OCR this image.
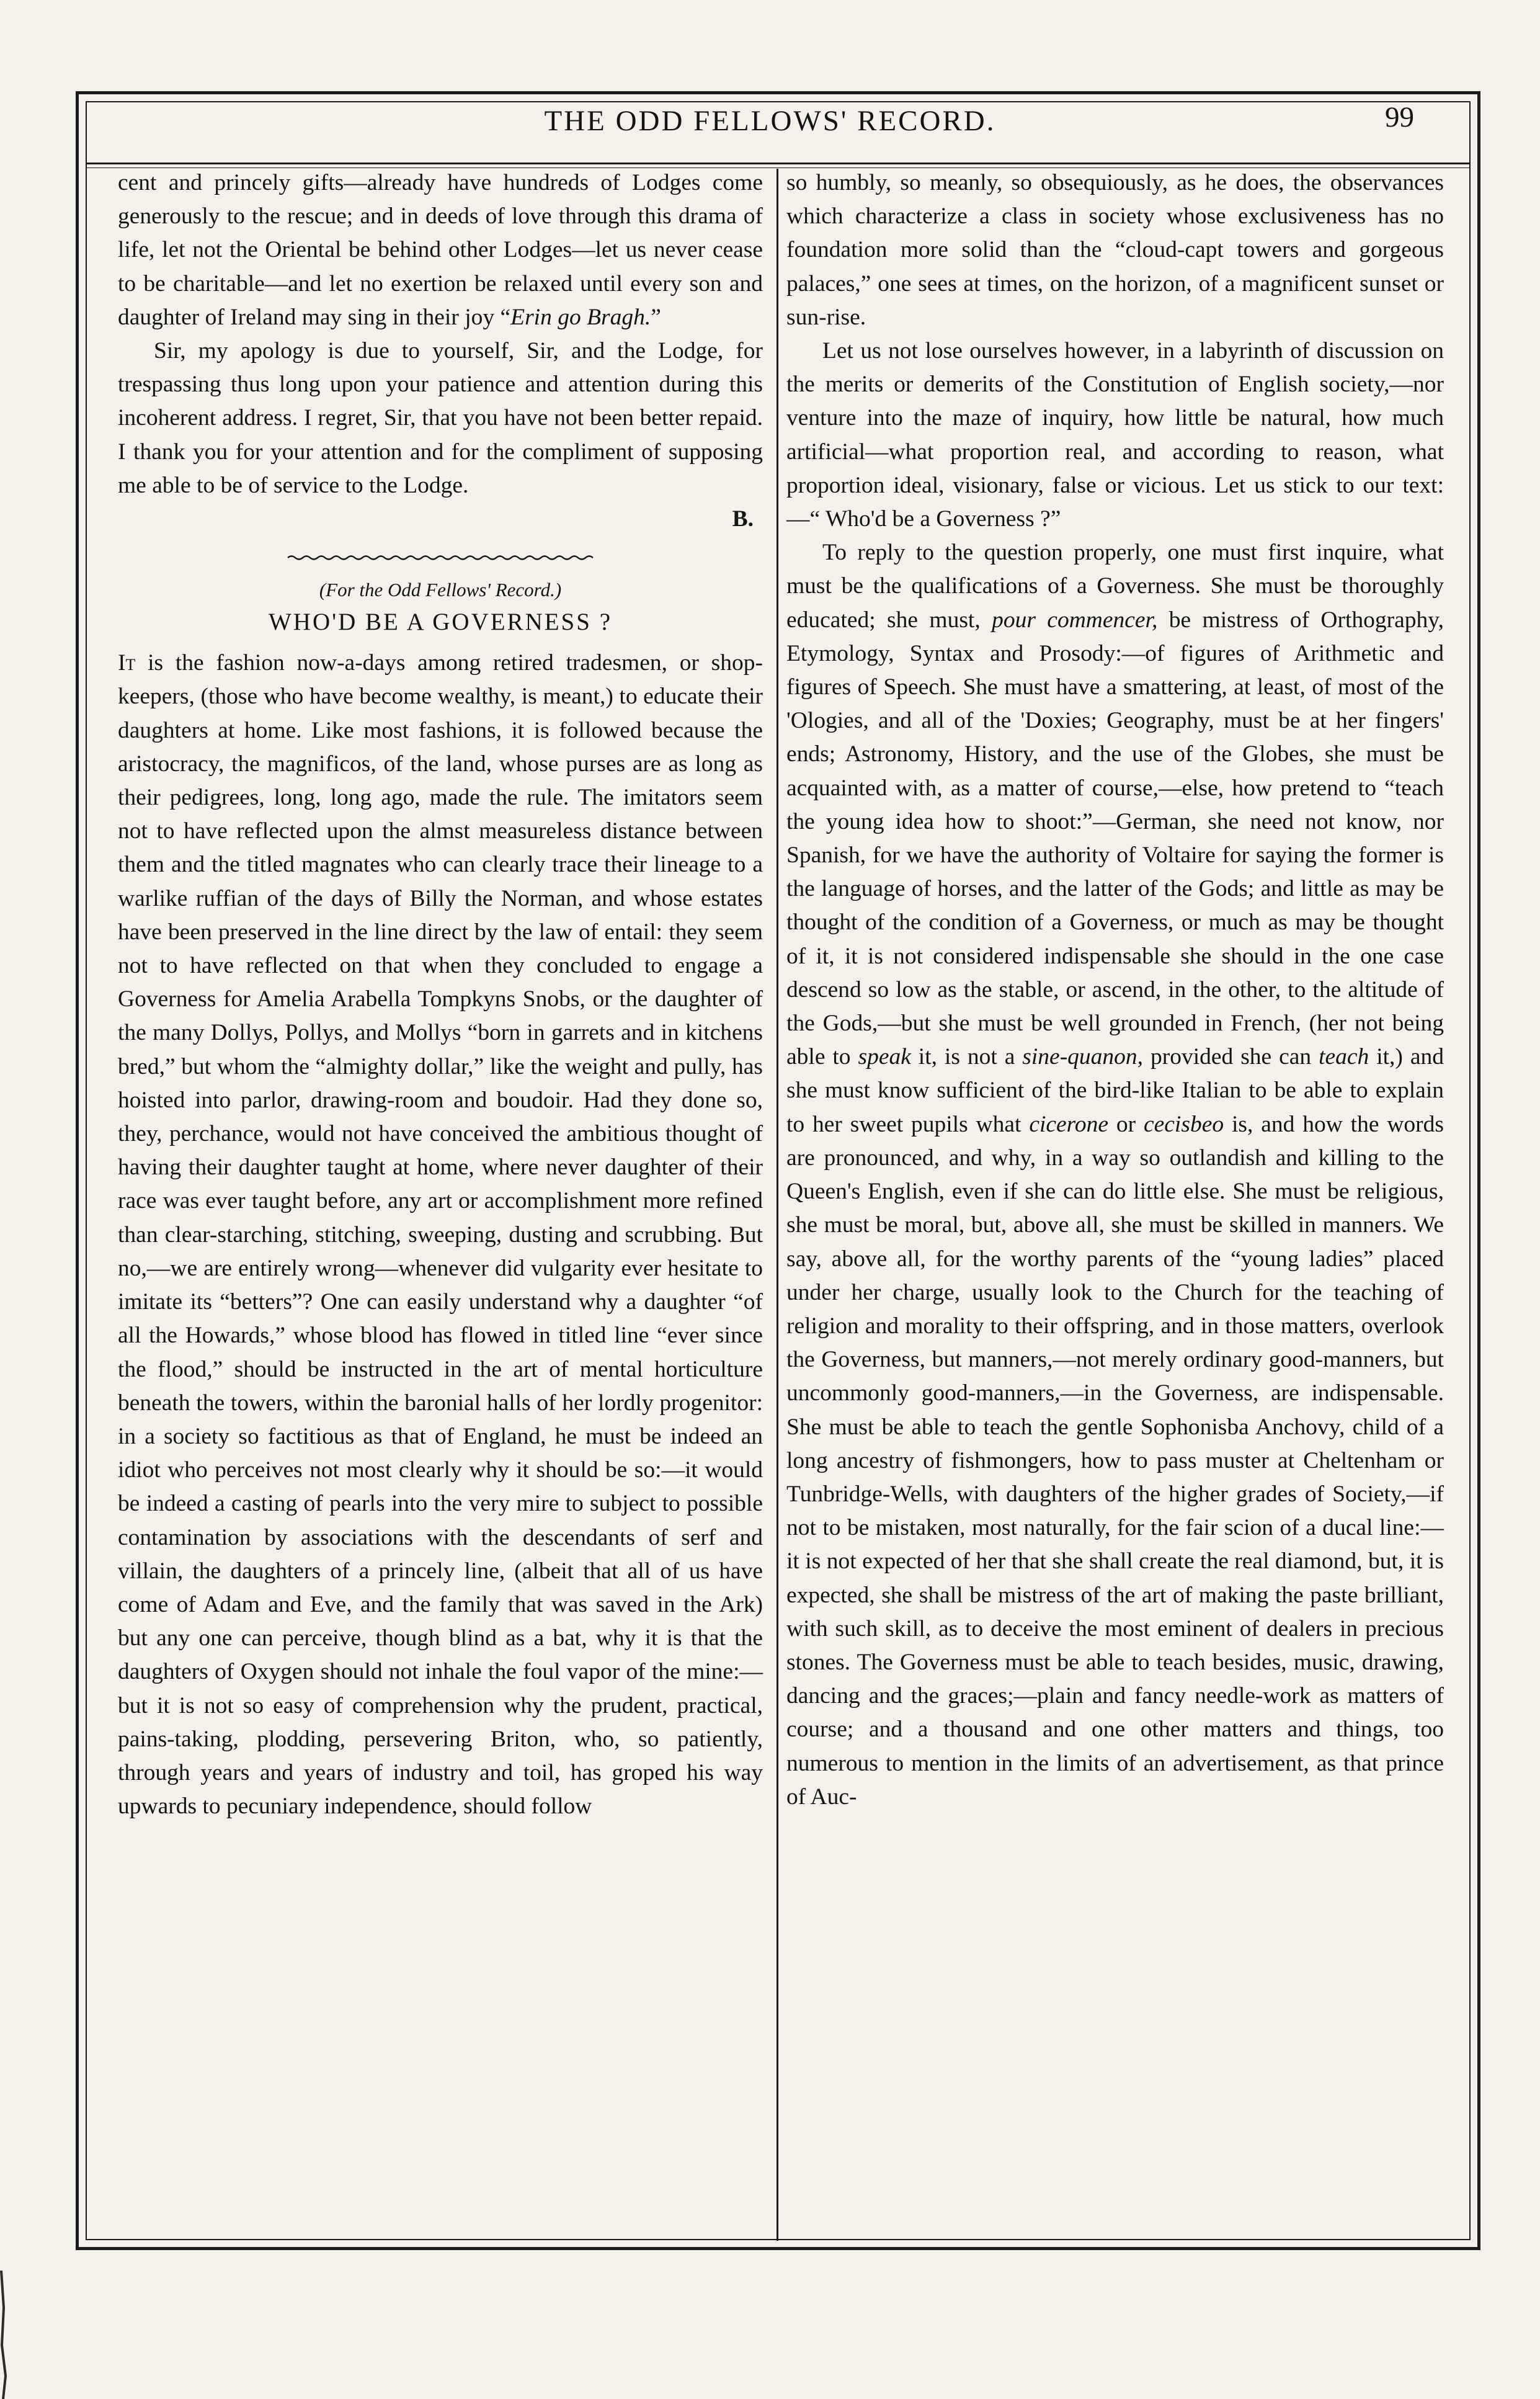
THE ODD FELLOWS' RECORD.	99

cent and princely gifts—already have hundreds of Lodges come generously to the rescue; and in deeds of love through this drama of life, let not the Oriental be behind other Lodges—let us never cease to be charitable—and let no exertion be relaxed until every son and daughter of Ireland may sing in their joy “Erin go Bragh.”

Sir, my apology is due to yourself, Sir, and the Lodge, for trespassing thus long upon your patience and attention during this incoherent address. I regret, Sir, that you have not been better repaid. I thank you for your attention and for the compliment of supposing me able to be of service to the Lodge.

B.

(For the Odd Fellows' Record.)
WHO'D BE A GOVERNESS ?

It is the fashion now-a-days among retired tradesmen, or shop-keepers, (those who have become wealthy, is meant,) to educate their daughters at home. Like most fashions, it is followed because the aristocracy, the magnificos, of the land, whose purses are as long as their pedigrees, long, long ago, made the rule. The imitators seem not to have reflected upon the almst measureless distance between them and the titled magnates who can clearly trace their lineage to a warlike ruffian of the days of Billy the Norman, and whose estates have been preserved in the line direct by the law of entail: they seem not to have reflected on that when they concluded to engage a Governess for Amelia Arabella Tompkyns Snobs, or the daughter of the many Dollys, Pollys, and Mollys “born in garrets and in kitchens bred,” but whom the “almighty dollar,” like the weight and pully, has hoisted into parlor, drawing-room and boudoir. Had they done so, they, perchance, would not have conceived the ambitious thought of having their daughter taught at home, where never daughter of their race was ever taught before, any art or accomplishment more refined than clear-starching, stitching, sweeping, dusting and scrubbing. But no,—we are entirely wrong—whenever did vulgarity ever hesitate to imitate its “betters”? One can easily understand why a daughter “of all the Howards,” whose blood has flowed in titled line “ever since the flood,” should be instructed in the art of mental horticulture beneath the towers, within the baronial halls of her lordly progenitor: in a society so factitious as that of England, he must be indeed an idiot who perceives not most clearly why it should be so:—it would be indeed a casting of pearls into the very mire to subject to possible contamination by associations with the descendants of serf and villain, the daughters of a princely line, (albeit that all of us have come of Adam and Eve, and the family that was saved in the Ark) but any one can perceive, though blind as a bat, why it is that the daughters of Oxygen should not inhale the foul vapor of the mine:—but it is not so easy of comprehension why the prudent, practical, pains-taking, plodding, persevering Briton, who, so patiently, through years and years of industry and toil, has groped his way upwards to pecuniary independence, should follow

so humbly, so meanly, so obsequiously, as he does, the observances which characterize a class in society whose exclusiveness has no foundation more solid than the “cloud-capt towers and gorgeous palaces,” one sees at times, on the horizon, of a magnificent sunset or sun-rise.

Let us not lose ourselves however, in a labyrinth of discussion on the merits or demerits of the Constitution of English society,—nor venture into the maze of inquiry, how little be natural, how much artificial—what proportion real, and according to reason, what proportion ideal, visionary, false or vicious. Let us stick to our text:—“ Who'd be a Governess ?”

To reply to the question properly, one must first inquire, what must be the qualifications of a Governess. She must be thoroughly educated; she must, pour commencer, be mistress of Orthography, Etymology, Syntax and Prosody:—of figures of Arithmetic and figures of Speech. She must have a smattering, at least, of most of the 'Ologies, and all of the 'Doxies; Geography, must be at her fingers' ends; Astronomy, History, and the use of the Globes, she must be acquainted with, as a matter of course,—else, how pretend to “teach the young idea how to shoot:”—German, she need not know, nor Spanish, for we have the authority of Voltaire for saying the former is the language of horses, and the latter of the Gods; and little as may be thought of the condition of a Governess, or much as may be thought of it, it is not considered indispensable she should in the one case descend so low as the stable, or ascend, in the other, to the altitude of the Gods,—but she must be well grounded in French, (her not being able to speak it, is not a sine-quanon, provided she can teach it,) and she must know sufficient of the bird-like Italian to be able to explain to her sweet pupils what cicerone or cecisbeo is, and how the words are pronounced, and why, in a way so outlandish and killing to the Queen's English, even if she can do little else. She must be religious, she must be moral, but, above all, she must be skilled in manners. We say, above all, for the worthy parents of the “young ladies” placed under her charge, usually look to the Church for the teaching of religion and morality to their offspring, and in those matters, overlook the Governess, but manners,—not merely ordinary good-manners, but uncommonly good-manners,—in the Governess, are indispensable. She must be able to teach the gentle Sophonisba Anchovy, child of a long ancestry of fishmongers, how to pass muster at Cheltenham or Tunbridge-Wells, with daughters of the higher grades of Society,—if not to be mistaken, most naturally, for the fair scion of a ducal line:—it is not expected of her that she shall create the real diamond, but, it is expected, she shall be mistress of the art of making the paste brilliant, with such skill, as to deceive the most eminent of dealers in precious stones. The Governess must be able to teach besides, music, drawing, dancing and the graces;—plain and fancy needle-work as matters of course; and a thousand and one other matters and things, too numerous to mention in the limits of an advertisement, as that prince of Auc-
